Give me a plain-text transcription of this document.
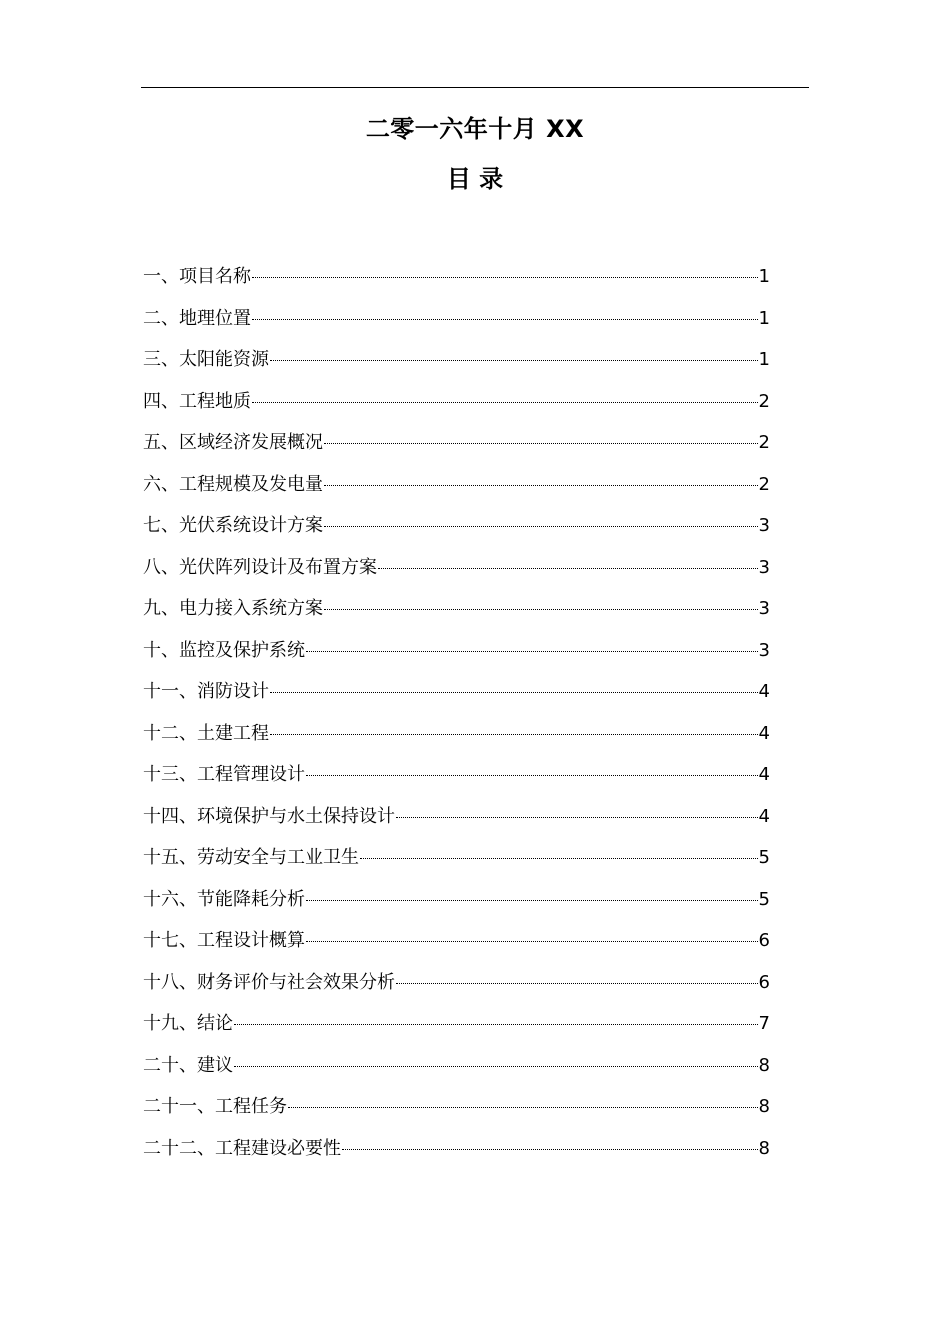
二零一六年十月 XX
目 录
一、项目名称	1
二、地理位置	1
三、太阳能资源	1
四、工程地质	2
五、区域经济发展概况	2
六、工程规模及发电量	2
七、光伏系统设计方案	3
八、光伏阵列设计及布置方案	3
九、电力接入系统方案	3
十、监控及保护系统	3
十一、消防设计	4
十二、土建工程	4
十三、工程管理设计	4
十四、环境保护与水土保持设计	4
十五、劳动安全与工业卫生	5
十六、节能降耗分析	5
十七、工程设计概算	6
十八、财务评价与社会效果分析	6
十九、结论	7
二十、建议	8
二十一、工程任务	8
二十二、工程建设必要性	8
